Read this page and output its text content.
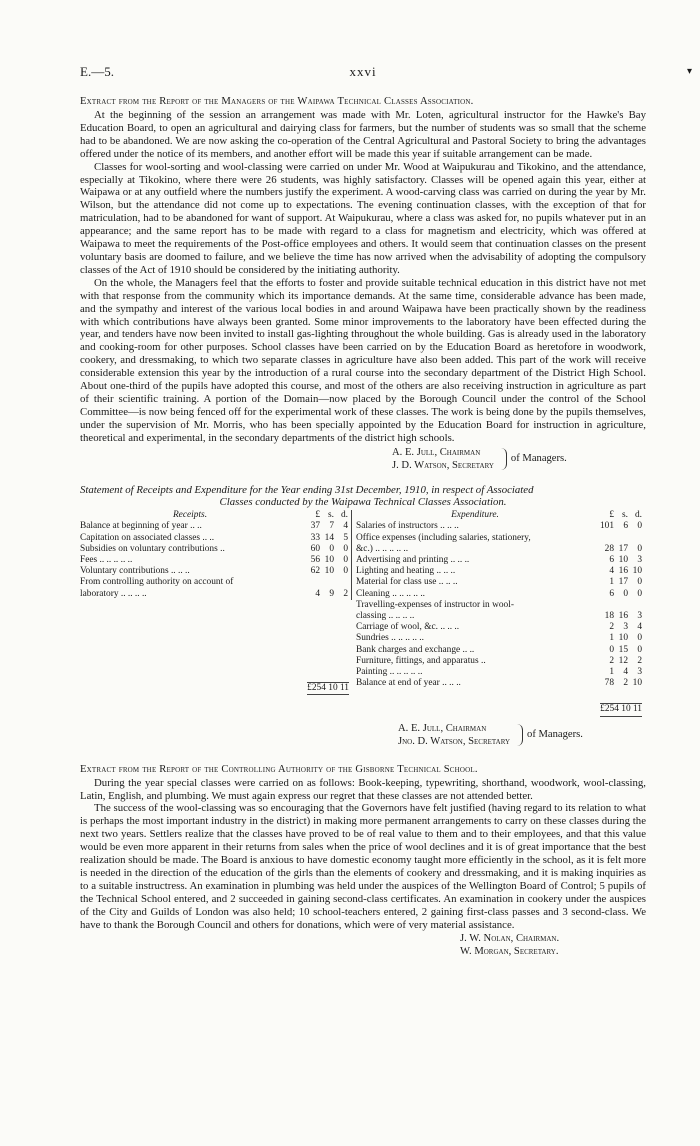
E.—5.	xxvi	▾
Extract from the Report of the Managers of the Waipawa Technical Classes Association.

At the beginning of the session an arrangement was made with Mr. Loten, agricultural instructor for the Hawke's Bay Education Board, to open an agricultural and dairying class for farmers, but the number of students was so small that the scheme had to be abandoned. We are now asking the co-operation of the Central Agricultural and Pastoral Society to bring the advantages offered under the notice of its members, and another effort will be made this year if suitable arrangement can be made.

Classes for wool-sorting and wool-classing were carried on under Mr. Wood at Waipukurau and Tikokino, and the attendance, especially at Tikokino, where there were 26 students, was highly satisfactory. Classes will be opened again this year, either at Waipawa or at any outfield where the numbers justify the experiment. A wood-carving class was carried on during the year by Mr. Wilson, but the attendance did not come up to expectations. The evening continuation classes, with the exception of that for matriculation, had to be abandoned for want of support. At Waipukurau, where a class was asked for, no pupils whatever put in an appearance; and the same report has to be made with regard to a class for magnetism and electricity, which was offered at Waipawa to meet the requirements of the Post-office employees and others. It would seem that continuation classes on the present voluntary basis are doomed to failure, and we believe the time has now arrived when the advisability of adopting the compulsory classes of the Act of 1910 should be considered by the initiating authority.

On the whole, the Managers feel that the efforts to foster and provide suitable technical education in this district have not met with that response from the community which its importance demands. At the same time, considerable advance has been made, and the sympathy and interest of the various local bodies in and around Waipawa have been practically shown by the readiness with which contributions have always been granted. Some minor improvements to the laboratory have been effected during the year, and tenders have now been invited to install gas-lighting throughout the whole building. Gas is already used in the laboratory and cooking-room for other purposes. School classes have been carried on by the Education Board as heretofore in woodwork, cookery, and dressmaking, to which two separate classes in agriculture have also been added. This part of the work will receive considerable extension this year by the introduction of a rural course into the secondary department of the District High School. About one-third of the pupils have adopted this course, and most of the others are also receiving instruction in agriculture as part of their scientific training. A portion of the Domain—now placed by the Borough Council under the control of the School Committee—is now being fenced off for the experimental work of these classes. The work is being done by the pupils themselves, under the supervision of Mr. Morris, who has been specially appointed by the Education Board for instruction in agriculture, theoretical and experimental, in the secondary departments of the district high schools.

A. E. Jull, Chairman
J. D. Watson, Secretary
of Managers.
Statement of Receipts and Expenditure for the Year ending 31st December, 1910, in respect of Associated
Classes conducted by the Waipawa Technical Classes Association.
Receipts.	£ s. d.
Balance at beginning of year .. ..	37 7 4
Capitation on associated classes .. ..	33 14 5
Subsidies on voluntary contributions ..	60 0 0
Fees .. .. .. .. ..	56 10 0
Voluntary contributions .. .. ..	62 10 0
From controlling authority on account of
laboratory .. .. .. ..	4 9 2
£254 10 11
Expenditure.	£ s. d.
Salaries of instructors .. .. ..	101 6 0
Office expenses (including salaries, stationery,
&c.) .. .. .. .. ..	28 17 0
Advertising and printing .. .. ..	6 10 3
Lighting and heating .. .. ..	4 16 10
Material for class use .. .. ..	1 17 0
Cleaning .. .. .. .. ..	6 0 0
Travelling-expenses of instructor in wool-
classing .. .. .. ..	18 16 3
Carriage of wool, &c. .. .. ..	2 3 4
Sundries .. .. .. .. ..	1 10 0
Bank charges and exchange .. ..	0 15 0
Furniture, fittings, and apparatus ..	2 12 2
Painting .. .. .. .. ..	1 4 3
Balance at end of year .. .. ..	78 2 10
£254 10 11
A. E. Jull, Chairman
Jno. D. Watson, Secretary
of Managers.
Extract from the Report of the Controlling Authority of the Gisborne Technical School.

During the year special classes were carried on as follows: Book-keeping, typewriting, shorthand, woodwork, wool-classing, Latin, English, and plumbing. We must again express our regret that these classes are not attended better.

The success of the wool-classing was so encouraging that the Governors have felt justified (having regard to its relation to what is perhaps the most important industry in the district) in making more permanent arrangements to carry on these classes during the next two years. Settlers realize that the classes have proved to be of real value to them and to their employees, and that this value would be even more apparent in their returns from sales when the price of wool declines and it is of great importance that the best realization should be made. The Board is anxious to have domestic economy taught more efficiently in the school, as it is felt more is needed in the direction of the education of the girls than the elements of cookery and dressmaking, and it is making inquiries as to a suitable instructress. An examination in plumbing was held under the auspices of the Wellington Board of Control; 5 pupils of the Technical School entered, and 2 succeeded in gaining second-class certificates. An examination in cookery under the auspices of the City and Guilds of London was also held; 10 school-teachers entered, 2 gaining first-class passes and 3 second-class. We have to thank the Borough Council and others for donations, which were of very material assistance.

J. W. Nolan, Chairman.
W. Morgan, Secretary.
